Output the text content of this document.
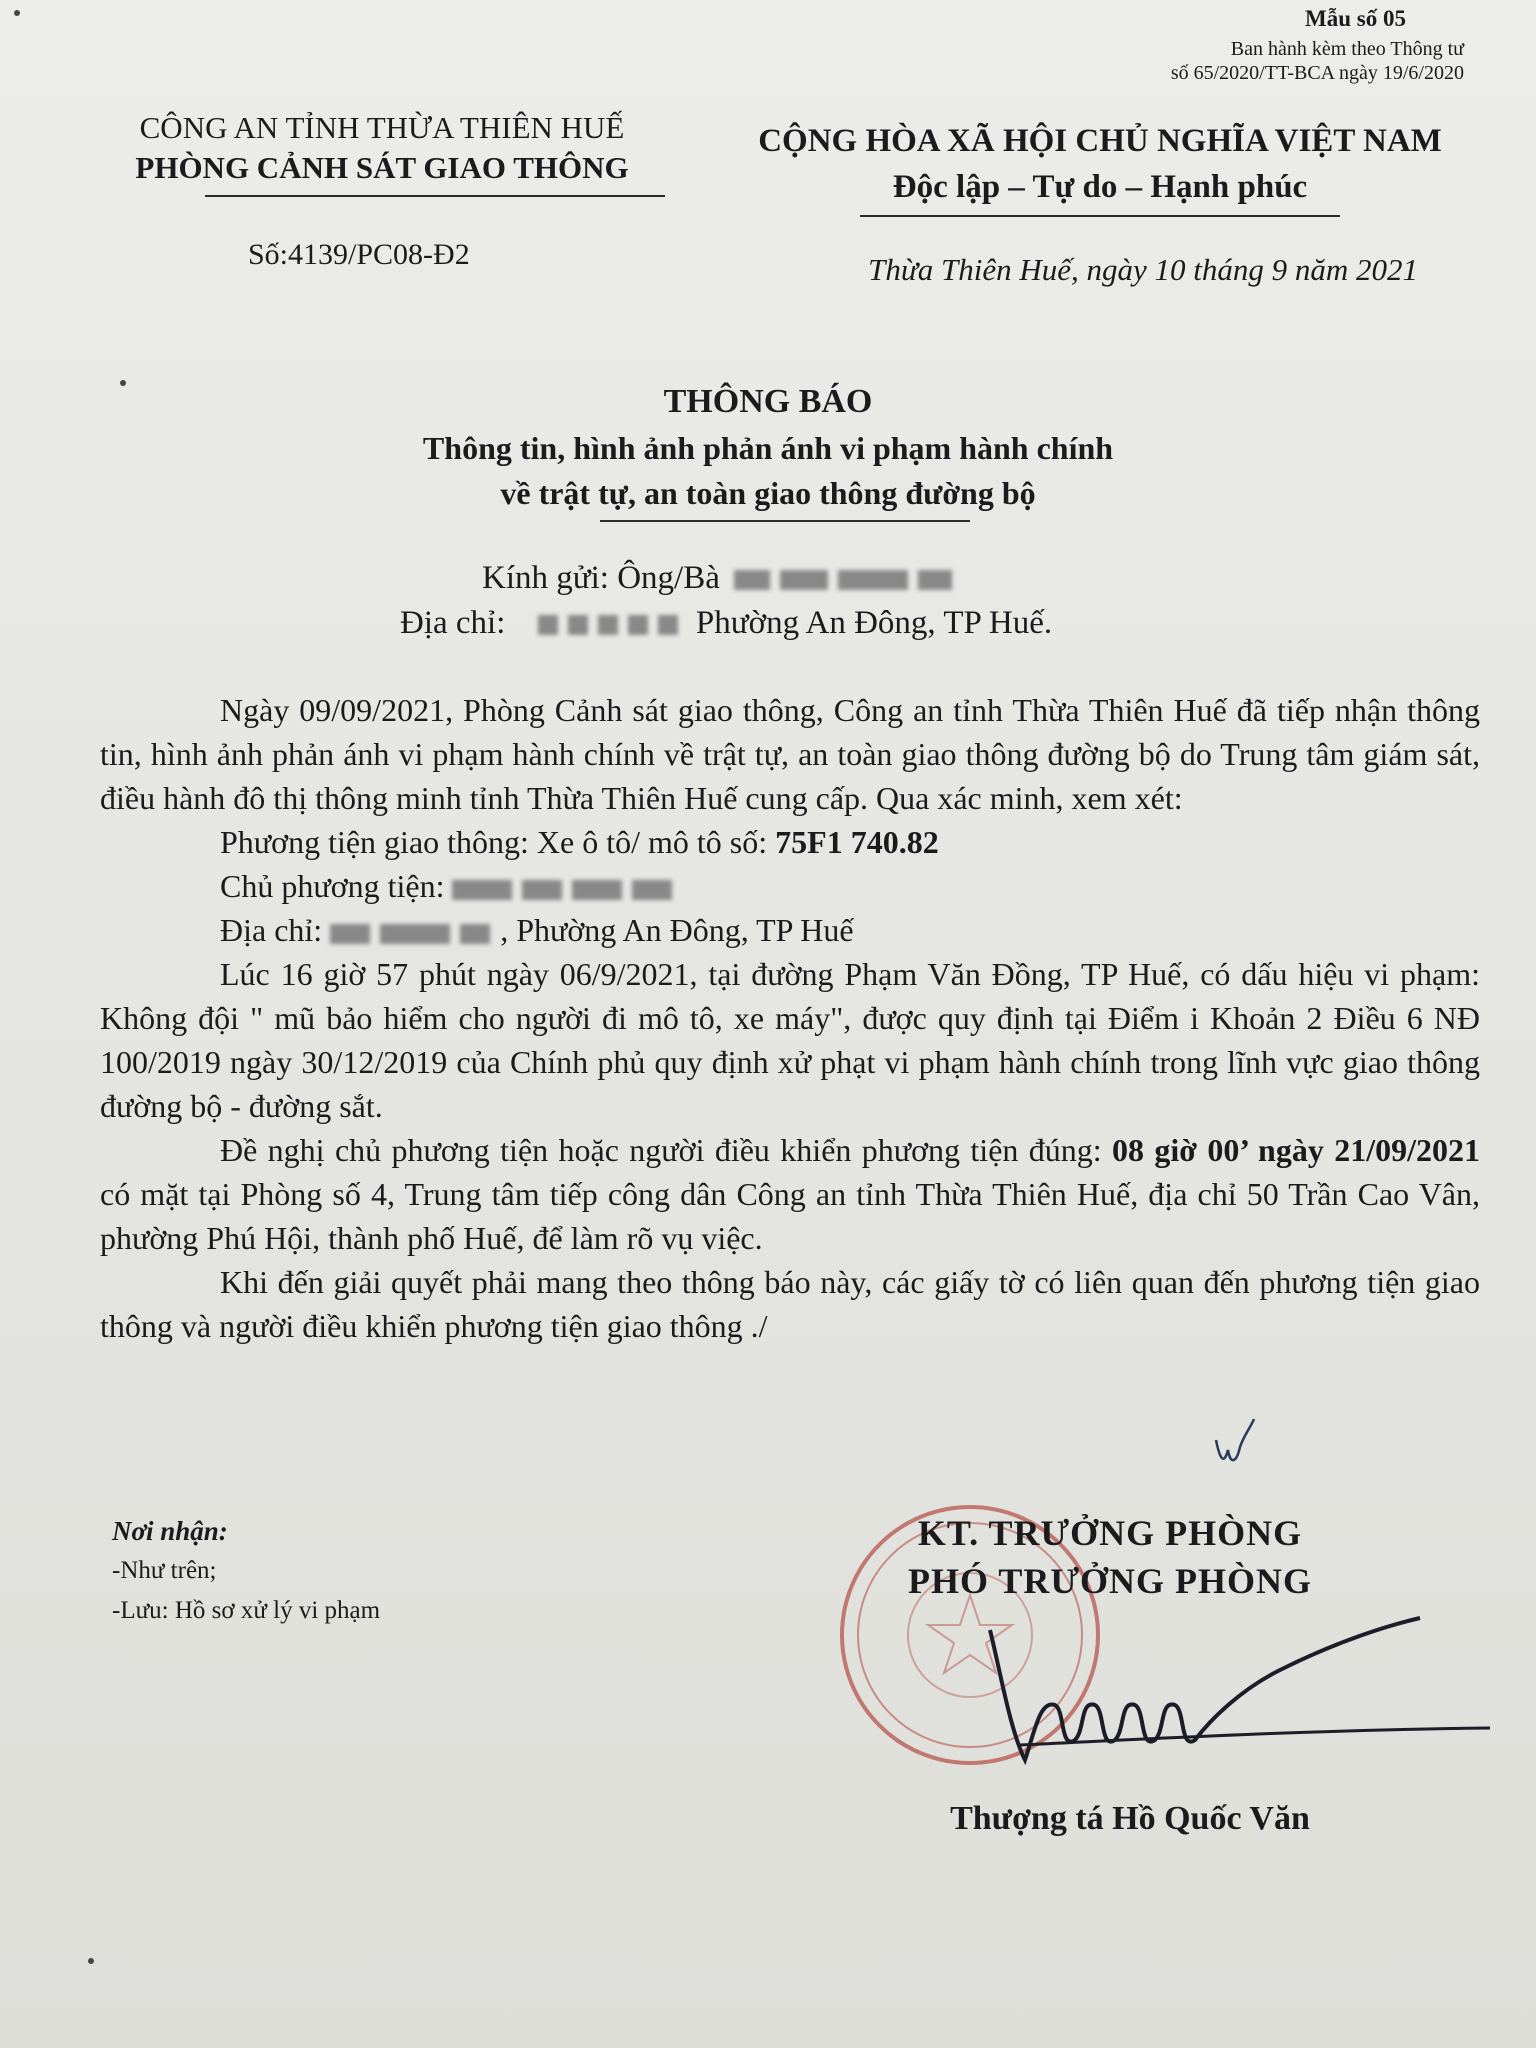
Mẫu số 05
Ban hành kèm theo Thông tư
số 65/2020/TT-BCA ngày 19/6/2020
CÔNG AN TỈNH THỪA THIÊN HUẾ
PHÒNG CẢNH SÁT GIAO THÔNG
Số:4139/PC08-Đ2
CỘNG HÒA XÃ HỘI CHỦ NGHĨA VIỆT NAM
Độc lập – Tự do – Hạnh phúc
Thừa Thiên Huế, ngày 10 tháng 9 năm 2021
THÔNG BÁO
Thông tin, hình ảnh phản ánh vi phạm hành chính
về trật tự, an toàn giao thông đường bộ
Kính gửi: Ông/Bà
Địa chỉ:	Phường An Đông, TP Huế.

Ngày 09/09/2021, Phòng Cảnh sát giao thông, Công an tỉnh Thừa Thiên Huế đã tiếp nhận thông tin, hình ảnh phản ánh vi phạm hành chính về trật tự, an toàn giao thông đường bộ do Trung tâm giám sát, điều hành đô thị thông minh tỉnh Thừa Thiên Huế cung cấp. Qua xác minh, xem xét:

Phương tiện giao thông: Xe ô tô/ mô tô số: 75F1 740.82

Chủ phương tiện:

Địa chỉ:	, Phường An Đông, TP Huế

Lúc 16 giờ 57 phút ngày 06/9/2021, tại đường Phạm Văn Đồng, TP Huế, có dấu hiệu vi phạm: Không đội " mũ bảo hiểm cho người đi mô tô, xe máy", được quy định tại Điểm i Khoản 2 Điều 6 NĐ 100/2019 ngày 30/12/2019 của Chính phủ quy định xử phạt vi phạm hành chính trong lĩnh vực giao thông đường bộ - đường sắt.

Đề nghị chủ phương tiện hoặc người điều khiển phương tiện đúng: 08 giờ 00’ ngày 21/09/2021 có mặt tại Phòng số 4, Trung tâm tiếp công dân Công an tỉnh Thừa Thiên Huế, địa chỉ 50 Trần Cao Vân, phường Phú Hội, thành phố Huế, để làm rõ vụ việc.

Khi đến giải quyết phải mang theo thông báo này, các giấy tờ có liên quan đến phương tiện giao thông và người điều khiển phương tiện giao thông ./

Nơi nhận:
-Như trên;
-Lưu: Hồ sơ xử lý vi phạm
KT. TRƯỞNG PHÒNG
PHÓ TRƯỞNG PHÒNG
Thượng tá Hồ Quốc Văn
